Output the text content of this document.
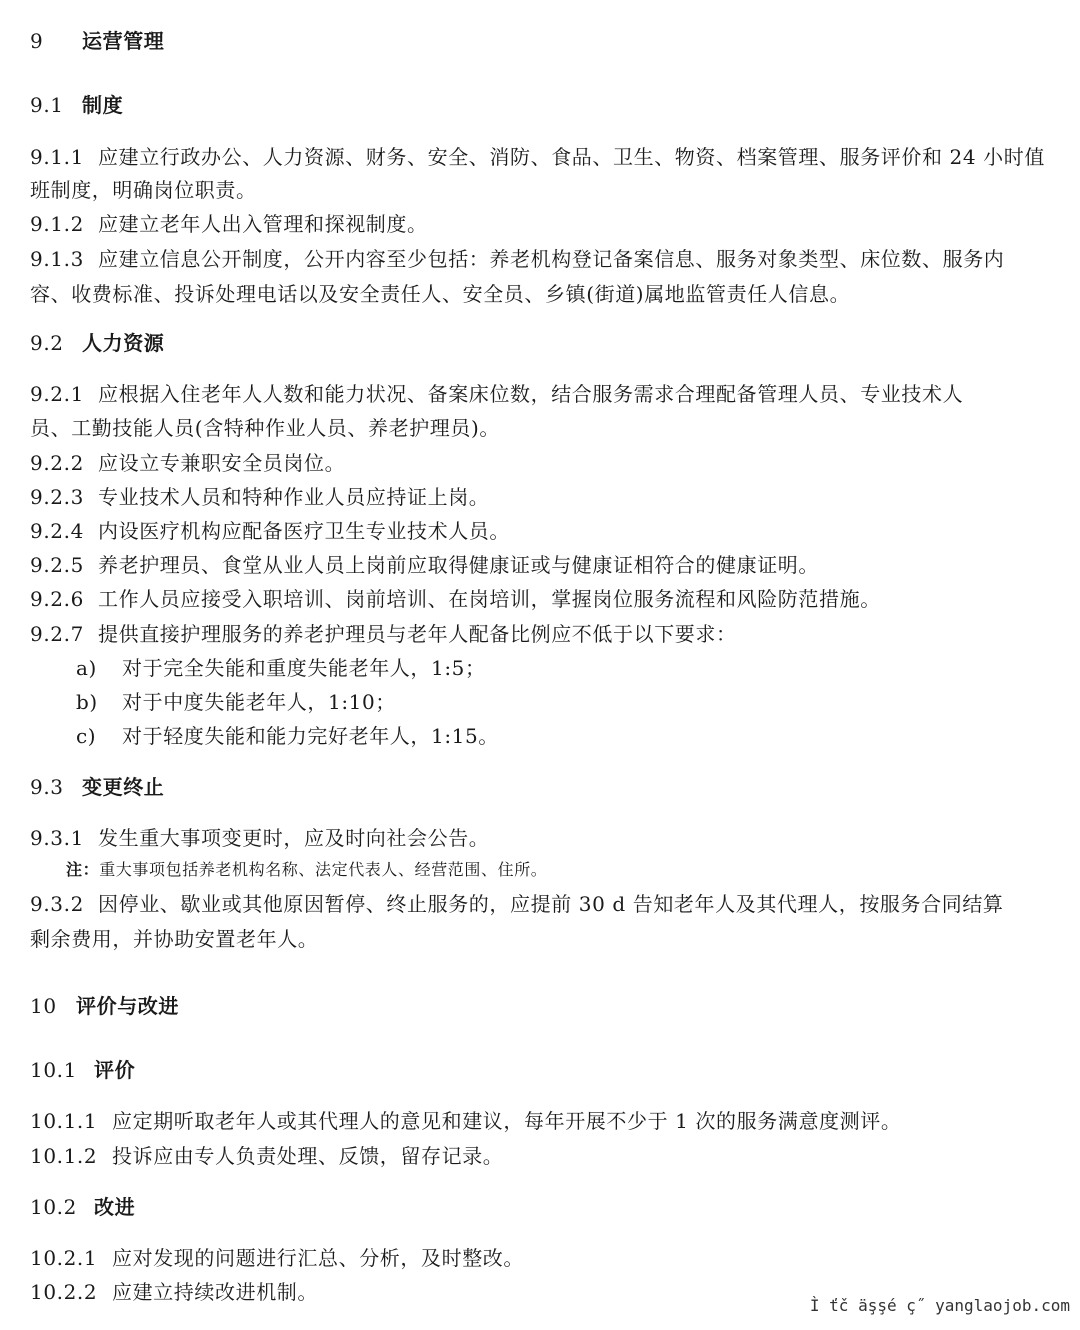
9 运营管理
9.1 制度
9.1.1 应建立行政办公、人力资源、财务、安全、消防、食品、卫生、物资、档案管理、服务评价和 24 小时值
班制度，明确岗位职责。
9.1.2 应建立老年人出入管理和探视制度。
9.1.3 应建立信息公开制度，公开内容至少包括：养老机构登记备案信息、服务对象类型、床位数、服务内
容、收费标准、投诉处理电话以及安全责任人、安全员、乡镇(街道)属地监管责任人信息。
9.2 人力资源
9.2.1 应根据入住老年人人数和能力状况、备案床位数，结合服务需求合理配备管理人员、专业技术人
员、工勤技能人员(含特种作业人员、养老护理员)。
9.2.2 应设立专兼职安全员岗位。
9.2.3 专业技术人员和特种作业人员应持证上岗。
9.2.4 内设医疗机构应配备医疗卫生专业技术人员。
9.2.5 养老护理员、食堂从业人员上岗前应取得健康证或与健康证相符合的健康证明。
9.2.6 工作人员应接受入职培训、岗前培训、在岗培训，掌握岗位服务流程和风险防范措施。
9.2.7 提供直接护理服务的养老护理员与老年人配备比例应不低于以下要求：
a) 对于完全失能和重度失能老年人，1:5；
b) 对于中度失能老年人，1:10；
c) 对于轻度失能和能力完好老年人，1:15。
9.3 变更终止
9.3.1 发生重大事项变更时，应及时向社会公告。
注：重大事项包括养老机构名称、法定代表人、经营范围、住所。
9.3.2 因停业、歇业或其他原因暂停、终止服务的，应提前 30 d 告知老年人及其代理人，按服务合同结算
剩余费用，并协助安置老年人。
10 评价与改进
10.1 评价
10.1.1 应定期听取老年人或其代理人的意见和建议，每年开展不少于 1 次的服务满意度测评。
10.1.2 投诉应由专人负责处理、反馈，留存记录。
10.2 改进
10.2.1 应对发现的问题进行汇总、分析，及时整改。
10.2.2 应建立持续改进机制。
Ì ťč äşşé ç˝ yanglaojob.com
